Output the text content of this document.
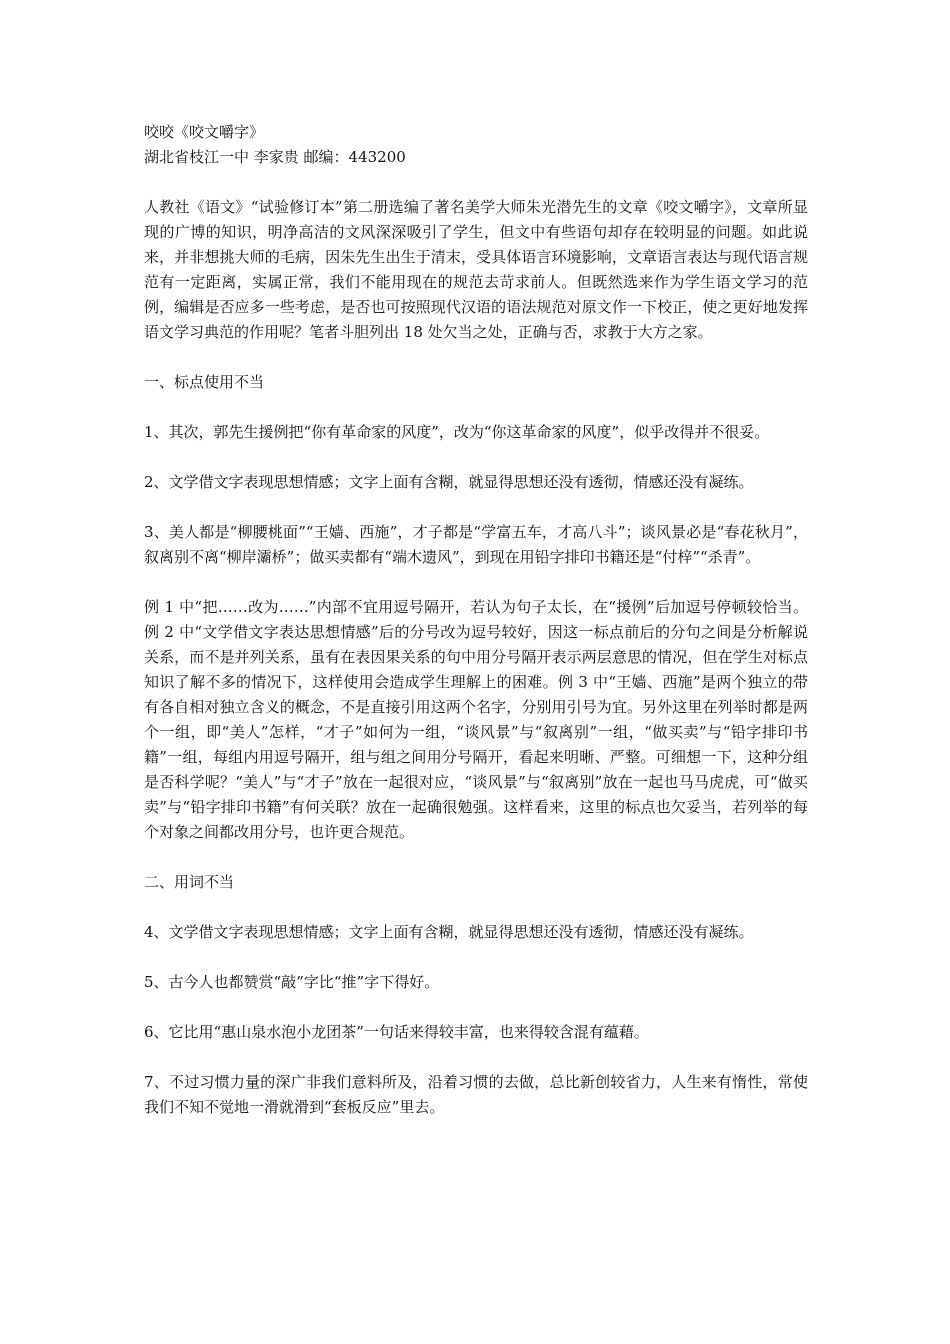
咬咬《咬文嚼字》

湖北省枝江一中 李家贵 邮编：443200

人教社《语文》“试验修订本”第二册选编了著名美学大师朱光潜先生的文章《咬文嚼字》，文章所显现的广博的知识，明净高洁的文风深深吸引了学生，但文中有些语句却存在较明显的问题。如此说来，并非想挑大师的毛病，因朱先生出生于清末，受具体语言环境影响，文章语言表达与现代语言规范有一定距离，实属正常，我们不能用现在的规范去苛求前人。但既然选来作为学生语文学习的范例，编辑是否应多一些考虑，是否也可按照现代汉语的语法规范对原文作一下校正，使之更好地发挥语文学习典范的作用呢？笔者斗胆列出 18 处欠当之处，正确与否，求教于大方之家。

一、标点使用不当

1、其次，郭先生援例把“你有革命家的风度”，改为“你这革命家的风度”，似乎改得并不很妥。

2、文学借文字表现思想情感；文字上面有含糊，就显得思想还没有透彻，情感还没有凝练。

3、美人都是“柳腰桃面”“王嫱、西施”，才子都是“学富五车，才高八斗”；谈风景必是“春花秋月”，叙离别不离“柳岸灞桥”；做买卖都有“端木遗风”，到现在用铅字排印书籍还是“付梓”“杀青”。

例 1 中“把……改为……”内部不宜用逗号隔开，若认为句子太长，在“援例”后加逗号停顿较恰当。例 2 中“文学借文字表达思想情感”后的分号改为逗号较好，因这一标点前后的分句之间是分析解说关系，而不是并列关系，虽有在表因果关系的句中用分号隔开表示两层意思的情况，但在学生对标点知识了解不多的情况下，这样使用会造成学生理解上的困难。例 3 中“王嫱、西施”是两个独立的带有各自相对独立含义的概念，不是直接引用这两个名字，分别用引号为宜。另外这里在列举时都是两个一组，即“美人”怎样，“才子”如何为一组，“谈风景”与“叙离别”一组，“做买卖”与“铅字排印书籍”一组，每组内用逗号隔开，组与组之间用分号隔开，看起来明晰、严整。可细想一下，这种分组是否科学呢？“美人”与“才子”放在一起很对应，“谈风景”与“叙离别”放在一起也马马虎虎，可“做买卖”与“铅字排印书籍”有何关联？放在一起确很勉强。这样看来，这里的标点也欠妥当，若列举的每个对象之间都改用分号，也许更合规范。

二、用词不当

4、文学借文字表现思想情感；文字上面有含糊，就显得思想还没有透彻，情感还没有凝练。

5、古今人也都赞赏“敲”字比“推”字下得好。

6、它比用“惠山泉水泡小龙团茶”一句话来得较丰富，也来得较含混有蕴藉。

7、不过习惯力量的深广非我们意料所及，沿着习惯的去做，总比新创较省力，人生来有惰性，常使我们不知不觉地一滑就滑到“套板反应”里去。
